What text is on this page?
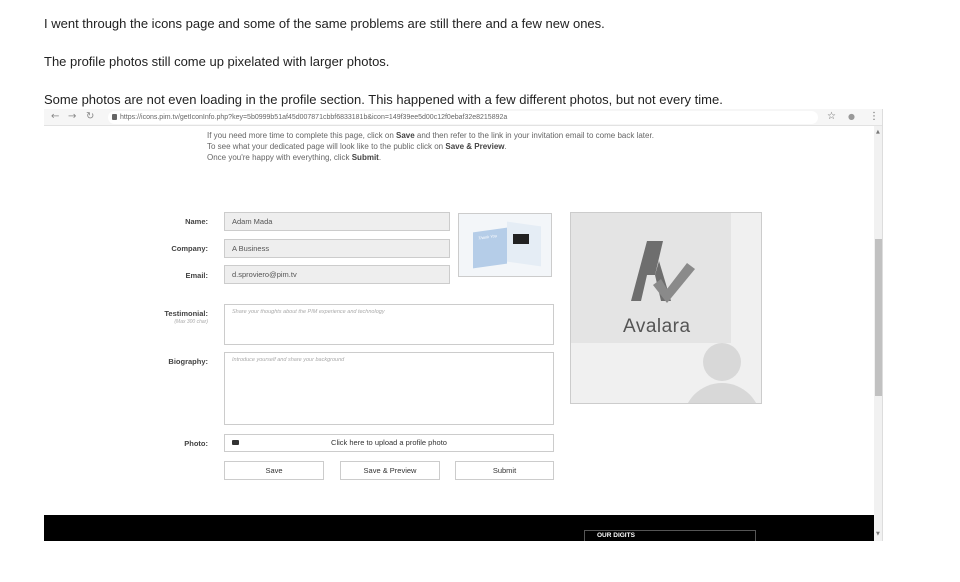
I went through the icons page and some of the same problems are still there and a few new ones.
The profile photos still come up pixelated with larger photos.
Some photos are not even loading in the profile section. This happened with a few different photos, but not every time.
← → ↻	https://icons.pim.tv/getIconInfo.php?key=5b0999b51af45d007871cbbf6833181b&icon=149f39ee5d00c12f0ebaf32e8215892a	☆ ● ⋮
If you need more time to complete this page, click on Save and then refer to the link in your invitation email to come back later.
To see what your dedicated page will look like to the public click on Save & Preview.
Once you're happy with everything, click Submit.
Name:	Adam Mada
Company:	A Business
Email:	d.sproviero@pim.tv
Thank You
Avalara
Testimonial:
(Max 300 char)
Share your thoughts about the PIM experience and technology
Biography:	Introduce yourself and share your background
Photo:	Click here to upload a profile photo
Save	Save & Preview	Submit
OUR DIGITS
▲
▼
